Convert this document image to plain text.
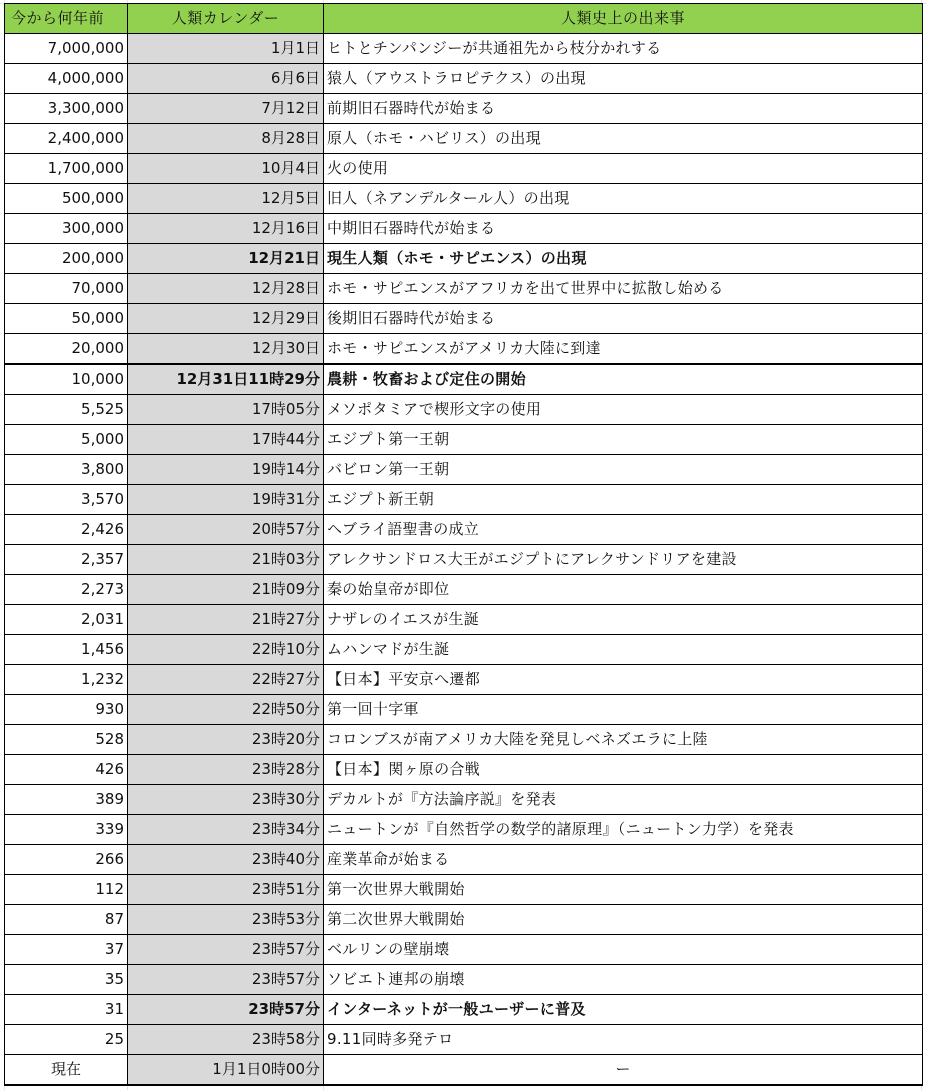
今から何年前	人類カレンダー	人類史上の出来事
7,000,000	1月1日	ヒトとチンパンジーが共通祖先から枝分かれする
4,000,000	6月6日	猿人（アウストラロピテクス）の出現
3,300,000	7月12日	前期旧石器時代が始まる
2,400,000	8月28日	原人（ホモ・ハビリス）の出現
1,700,000	10月4日	火の使用
500,000	12月5日	旧人（ネアンデルタール人）の出現
300,000	12月16日	中期旧石器時代が始まる
200,000	12月21日	現生人類（ホモ・サピエンス）の出現
70,000	12月28日	ホモ・サピエンスがアフリカを出て世界中に拡散し始める
50,000	12月29日	後期旧石器時代が始まる
20,000	12月30日	ホモ・サピエンスがアメリカ大陸に到達
10,000	12月31日11時29分	農耕・牧畜および定住の開始
5,525	17時05分	メソポタミアで楔形文字の使用
5,000	17時44分	エジプト第一王朝
3,800	19時14分	バビロン第一王朝
3,570	19時31分	エジプト新王朝
2,426	20時57分	ヘブライ語聖書の成立
2,357	21時03分	アレクサンドロス大王がエジプトにアレクサンドリアを建設
2,273	21時09分	秦の始皇帝が即位
2,031	21時27分	ナザレのイエスが生誕
1,456	22時10分	ムハンマドが生誕
1,232	22時27分	【日本】平安京へ遷都
930	22時50分	第一回十字軍
528	23時20分	コロンブスが南アメリカ大陸を発見しベネズエラに上陸
426	23時28分	【日本】関ヶ原の合戦
389	23時30分	デカルトが『方法論序説』を発表
339	23時34分	ニュートンが『自然哲学の数学的諸原理』（ニュートン力学）を発表
266	23時40分	産業革命が始まる
112	23時51分	第一次世界大戦開始
87	23時53分	第二次世界大戦開始
37	23時57分	ベルリンの壁崩壊
35	23時57分	ソビエト連邦の崩壊
31	23時57分	インターネットが一般ユーザーに普及
25	23時58分	9.11同時多発テロ
現在	1月1日0時00分	ー
